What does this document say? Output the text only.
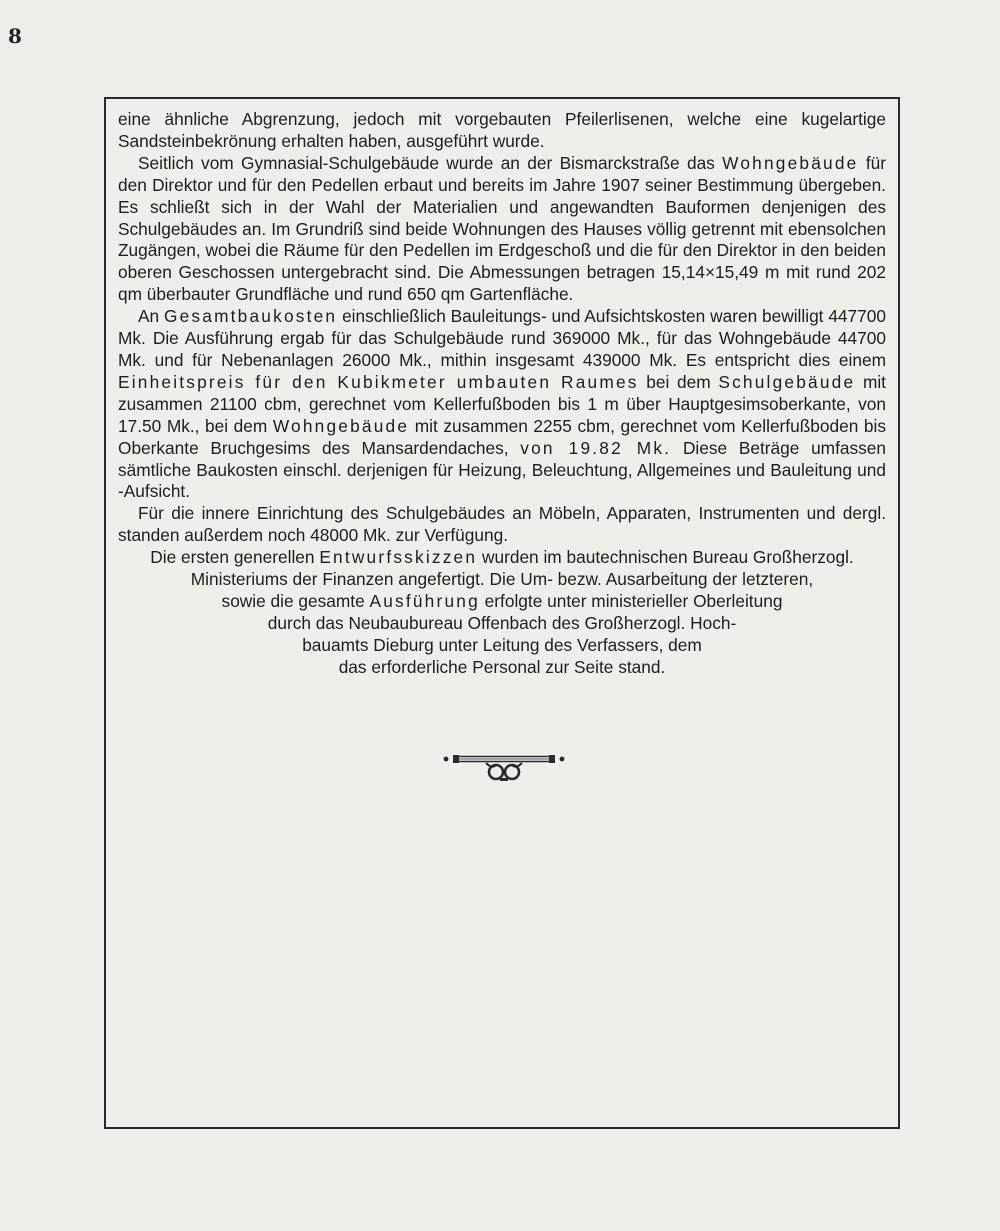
8

eine ähnliche Abgrenzung, jedoch mit vorgebauten Pfeilerlisenen, welche eine kugelartige Sandsteinbekrönung erhalten haben, ausgeführt wurde.

Seitlich vom Gymnasial-Schulgebäude wurde an der Bismarckstraße das Wohngebäude für den Direktor und für den Pedellen erbaut und bereits im Jahre 1907 seiner Bestimmung übergeben. Es schließt sich in der Wahl der Materialien und angewandten Bauformen denjenigen des Schulgebäudes an. Im Grundriß sind beide Wohnungen des Hauses völlig getrennt mit ebensolchen Zugängen, wobei die Räume für den Pedellen im Erdgeschoß und die für den Direktor in den beiden oberen Geschossen untergebracht sind. Die Abmessungen betragen 15,14×15,49 m mit rund 202 qm überbauter Grundfläche und rund 650 qm Gartenfläche.

An Gesamtbaukosten einschließlich Bauleitungs- und Aufsichtskosten waren bewilligt 447700 Mk. Die Ausführung ergab für das Schulgebäude rund 369000 Mk., für das Wohngebäude 44700 Mk. und für Nebenanlagen 26000 Mk., mithin insgesamt 439000 Mk. Es entspricht dies einem Einheitspreis für den Kubikmeter umbauten Raumes bei dem Schulgebäude mit zusammen 21100 cbm, gerechnet vom Kellerfußboden bis 1 m über Hauptgesimsoberkante, von 17.50 Mk., bei dem Wohngebäude mit zusammen 2255 cbm, gerechnet vom Kellerfußboden bis Oberkante Bruchgesims des Mansardendaches, von 19.82 Mk. Diese Beträge umfassen sämtliche Baukosten einschl. derjenigen für Heizung, Beleuchtung, Allgemeines und Bauleitung und -Aufsicht.

Für die innere Einrichtung des Schulgebäudes an Möbeln, Apparaten, Instrumenten und dergl. standen außerdem noch 48000 Mk. zur Verfügung.

Die ersten generellen Entwurfsskizzen wurden im bautechnischen Bureau Großherzogl.
Ministeriums der Finanzen angefertigt. Die Um- bezw. Ausarbeitung der letzteren,
sowie die gesamte Ausführung erfolgte unter ministerieller Oberleitung
durch das Neubaubureau Offenbach des Großherzogl. Hoch-
bauamts Dieburg unter Leitung des Verfassers, dem
das erforderliche Personal zur Seite stand.
